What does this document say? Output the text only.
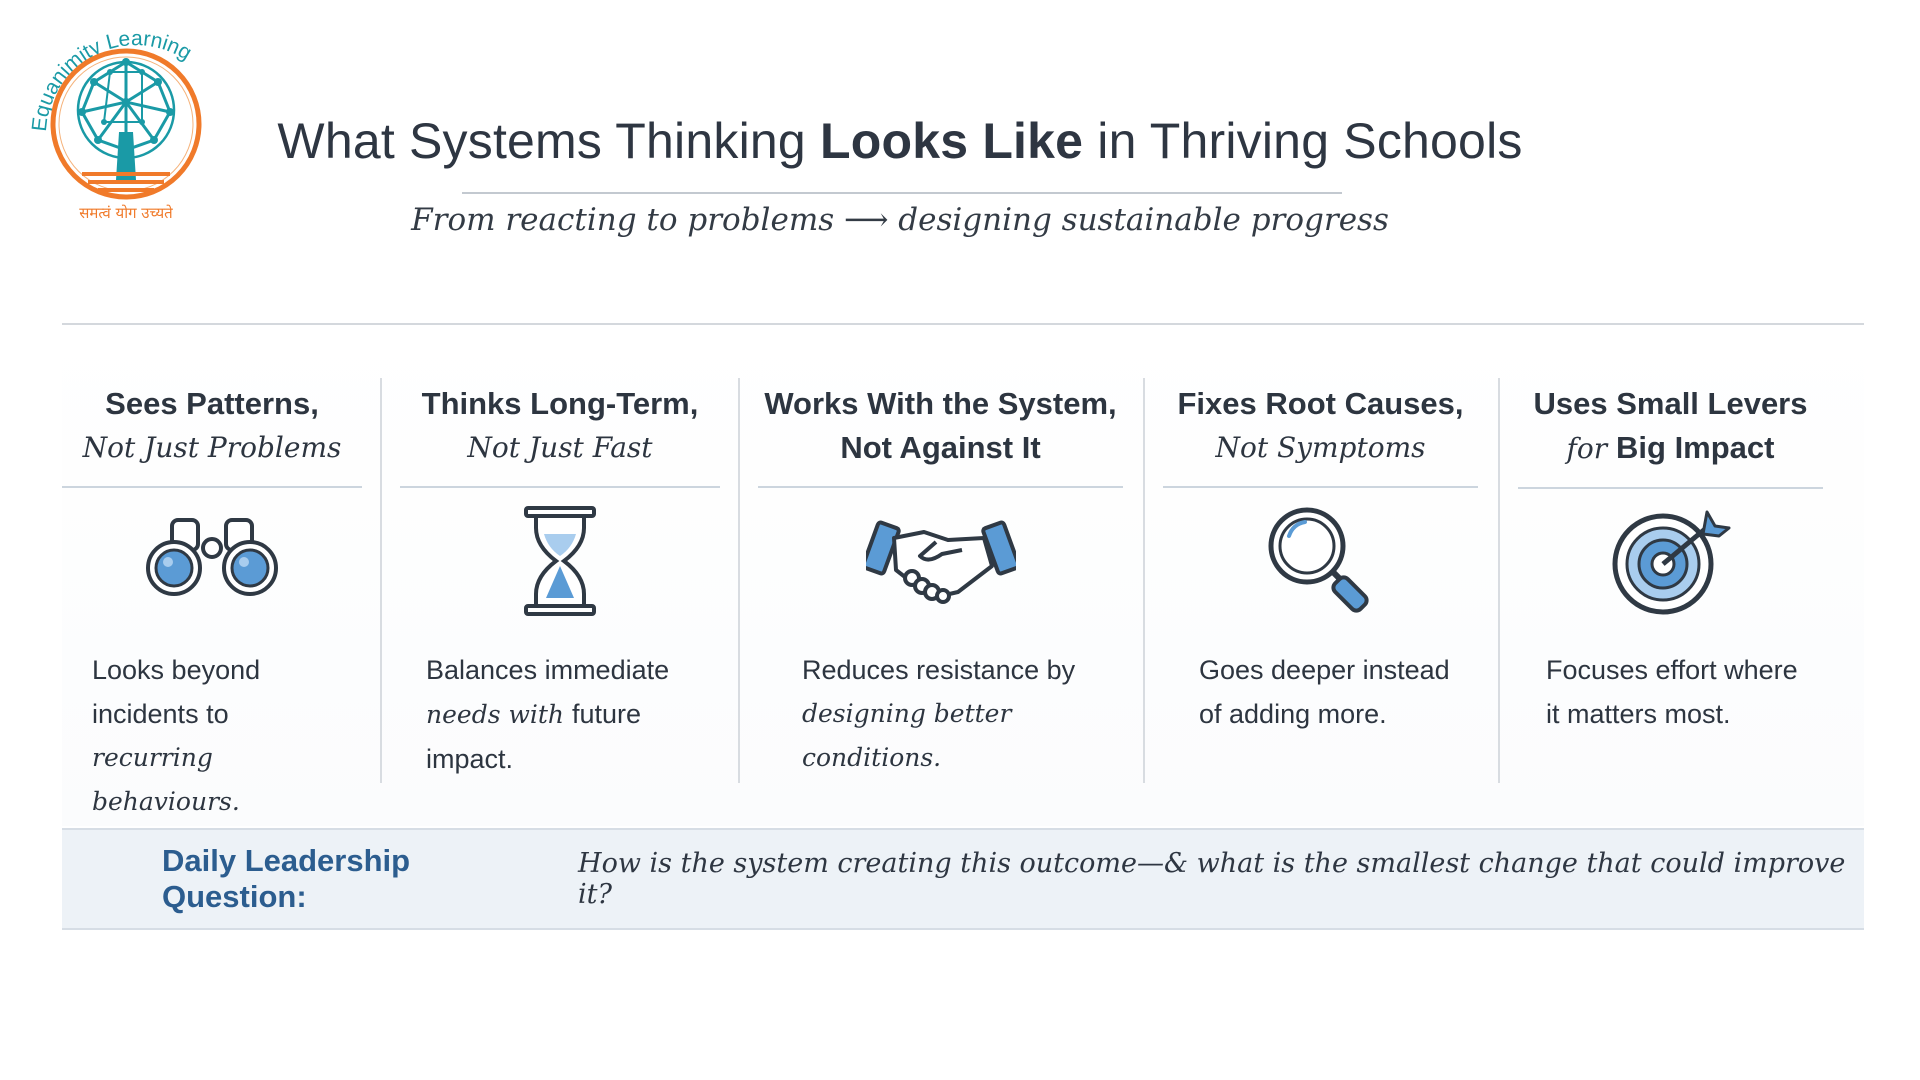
Equanimity Learning
समत्वं योग उच्यते
What Systems Thinking Looks Like in Thriving Schools
From reacting to problems ⟶ designing sustainable progress
Sees Patterns,
Not Just Problems
Looks beyond
incidents to
recurring behaviours.
Thinks Long-Term,
Not Just Fast
Balances immediate
needs with future impact.
Works With the System,
Not Against It
Reduces resistance by
designing better conditions.
Fixes Root Causes,
Not Symptoms
Goes deeper instead
of adding more.
Uses Small Levers
for Big Impact
Focuses effort where
it matters most.
Daily Leadership Question:
How is the system creating this outcome—& what is the smallest change that could improve it?
